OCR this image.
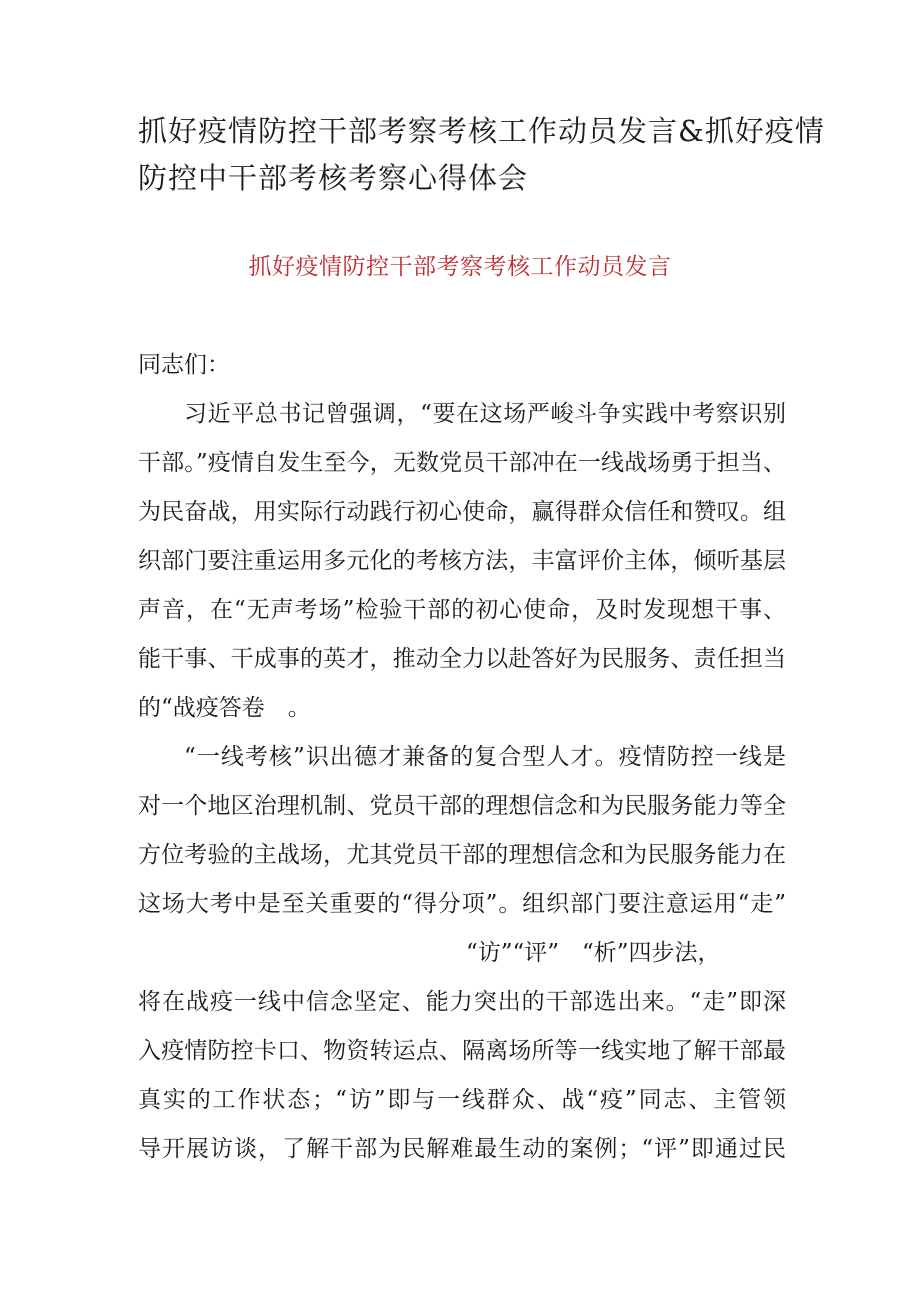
抓好疫情防控干部考察考核工作动员发言&抓好疫情
防控中干部考核考察心得体会
抓好疫情防控干部考察考核工作动员发言
同志们：
习近平总书记曾强调，“要在这场严峻斗争实践中考察识别
干部。”疫情自发生至今，无数党员干部冲在一线战场勇于担当、
为民奋战，用实际行动践行初心使命，赢得群众信任和赞叹。组
织部门要注重运用多元化的考核方法，丰富评价主体，倾听基层
声音，在“无声考场”检验干部的初心使命，及时发现想干事、
能干事、干成事的英才，推动全力以赴答好为民服务、责任担当
的“战疫答卷　。
“一线考核”识出德才兼备的复合型人才。疫情防控一线是
对一个地区治理机制、党员干部的理想信念和为民服务能力等全
方位考验的主战场，尤其党员干部的理想信念和为民服务能力在
这场大考中是至关重要的“得分项”。组织部门要注意运用“走”
“访”“评”　“析”四步法，
将在战疫一线中信念坚定、能力突出的干部选出来。“走”即深
入疫情防控卡口、物资转运点、隔离场所等一线实地了解干部最
真实的工作状态；“访”即与一线群众、战“疫”同志、主管领
导开展访谈，了解干部为民解难最生动的案例；“评”即通过民
